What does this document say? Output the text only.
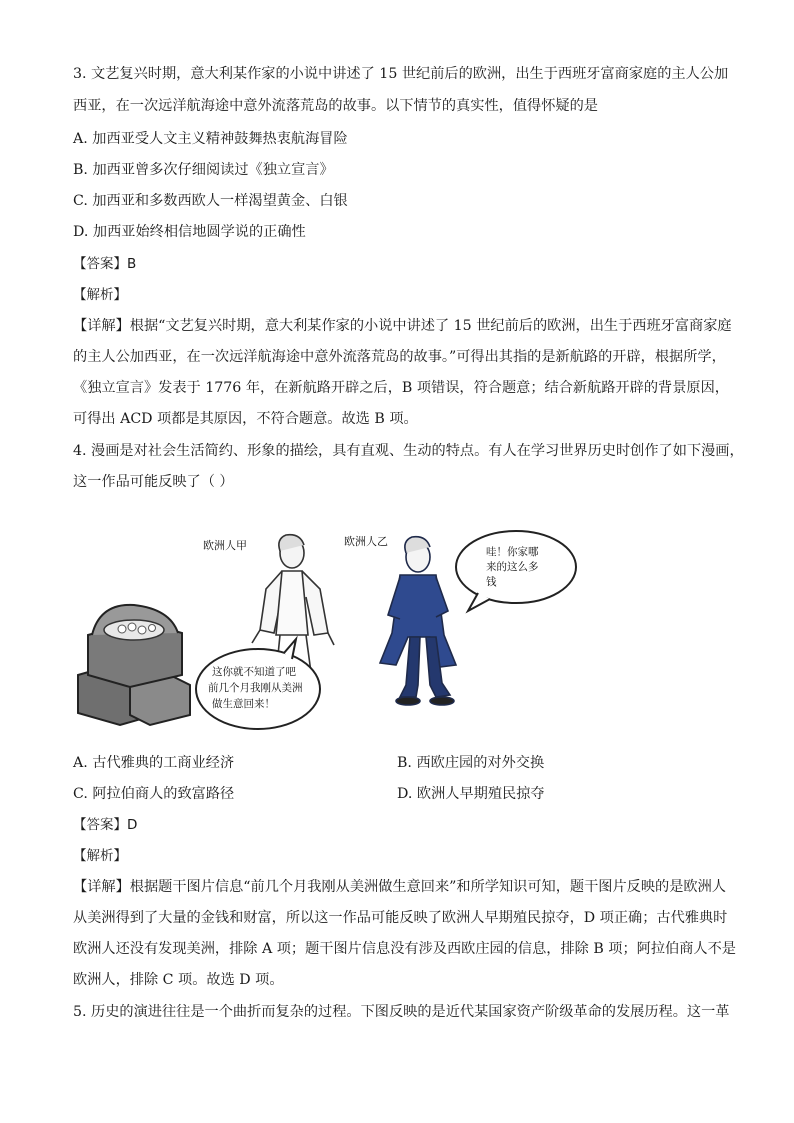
3. 文艺复兴时期，意大利某作家的小说中讲述了 15 世纪前后的欧洲，出生于西班牙富商家庭的主人公加
西亚，在一次远洋航海途中意外流落荒岛的故事。以下情节的真实性，值得怀疑的是
A. 加西亚受人文主义精神鼓舞热衷航海冒险
B. 加西亚曾多次仔细阅读过《独立宣言》
C. 加西亚和多数西欧人一样渴望黄金、白银
D. 加西亚始终相信地圆学说的正确性
【答案】B
【解析】
【详解】根据“文艺复兴时期，意大利某作家的小说中讲述了 15 世纪前后的欧洲，出生于西班牙富商家庭
的主人公加西亚，在一次远洋航海途中意外流落荒岛的故事。”可得出其指的是新航路的开辟，根据所学，
《独立宣言》发表于 1776 年，在新航路开辟之后，B 项错误，符合题意；结合新航路开辟的背景原因，
可得出 ACD 项都是其原因，不符合题意。故选 B 项。
4. 漫画是对社会生活简约、形象的描绘，具有直观、生动的特点。有人在学习世界历史时创作了如下漫画，
这一作品可能反映了（ ）
欧洲人甲	欧洲人乙
哇！你家哪
来的这么多
钱
这你就不知道了吧
前几个月我刚从美洲
做生意回来！
A. 古代雅典的工商业经济	B. 西欧庄园的对外交换
C. 阿拉伯商人的致富路径	D. 欧洲人早期殖民掠夺
【答案】D
【解析】
【详解】根据题干图片信息“前几个月我刚从美洲做生意回来”和所学知识可知，题干图片反映的是欧洲人
从美洲得到了大量的金钱和财富，所以这一作品可能反映了欧洲人早期殖民掠夺，D 项正确；古代雅典时
欧洲人还没有发现美洲，排除 A 项；题干图片信息没有涉及西欧庄园的信息，排除 B 项；阿拉伯商人不是
欧洲人，排除 C 项。故选 D 项。
5. 历史的演进往往是一个曲折而复杂的过程。下图反映的是近代某国家资产阶级革命的发展历程。这一革
